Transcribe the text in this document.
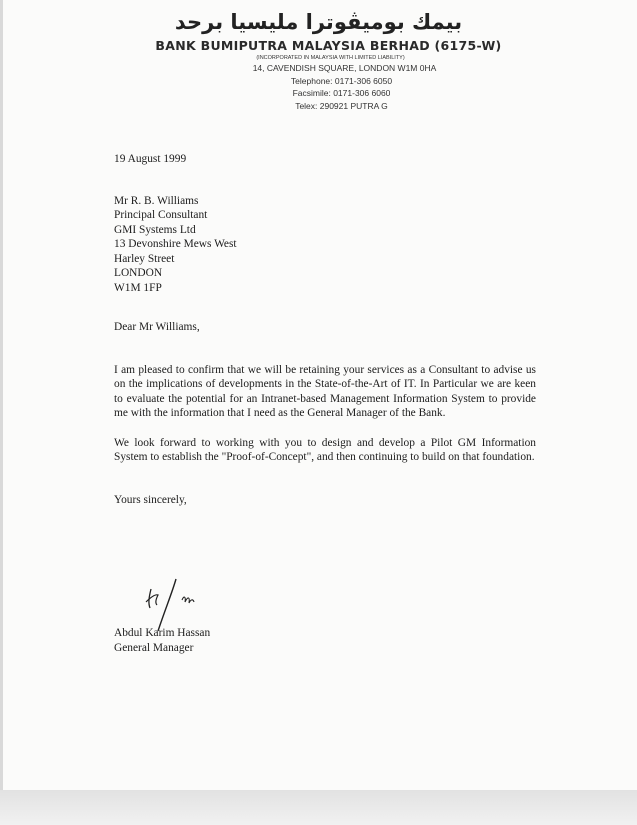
بيمك بوميڤوترا مليسيا برحد
BANK BUMIPUTRA MALAYSIA BERHAD (6175-W)
(INCORPORATED IN MALAYSIA WITH LIMITED LIABILITY)
14, CAVENDISH SQUARE, LONDON W1M 0HA
Telephone: 0171-306 6050
Facsimile: 0171-306 6060
Telex: 290921 PUTRA G
19 August 1999
Mr R. B. Williams
Principal Consultant
GMI Systems Ltd
13 Devonshire Mews West
Harley Street
LONDON
W1M 1FP
Dear Mr Williams,
I am pleased to confirm that we will be retaining your services as a Consultant to advise us on the implications of developments in the State-of-the-Art of IT. In Particular we are keen to evaluate the potential for an Intranet-based Management Information System to provide me with the information that I need as the General Manager of the Bank.
We look forward to working with you to design and develop a Pilot GM Information System to establish the "Proof-of-Concept", and then continuing to build on that foundation.
Yours sincerely,
Abdul Karim Hassan
General Manager
